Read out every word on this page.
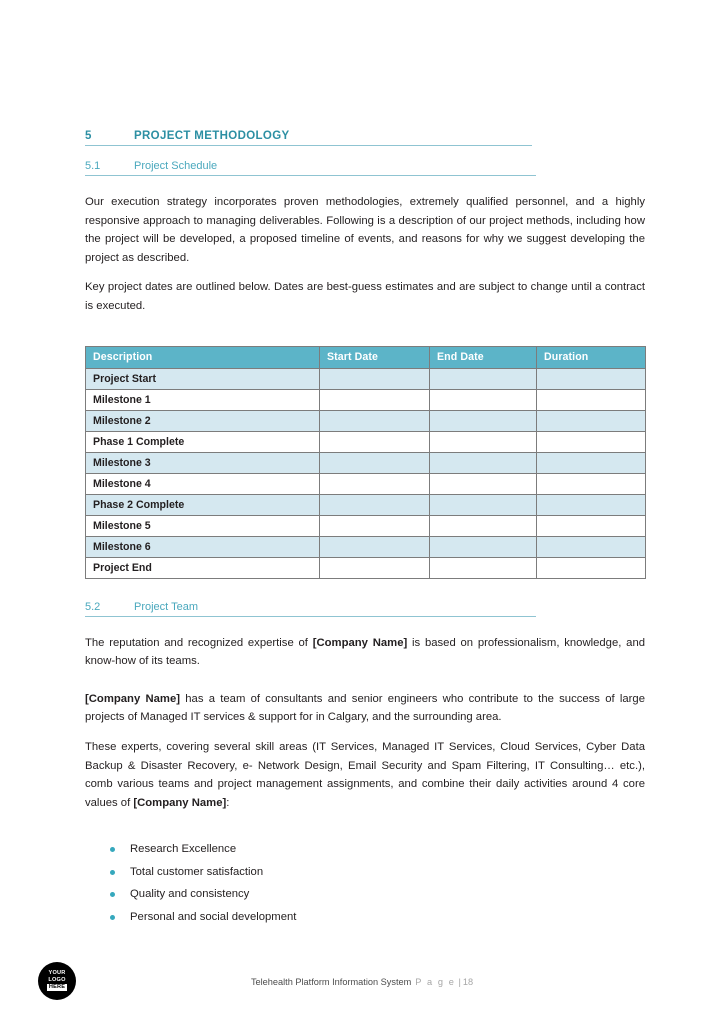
5	PROJECT METHODOLOGY
5.1	Project Schedule

Our execution strategy incorporates proven methodologies, extremely qualified personnel, and a highly responsive approach to managing deliverables. Following is a description of our project methods, including how the project will be developed, a proposed timeline of events, and reasons for why we suggest developing the project as described.

Key project dates are outlined below. Dates are best-guess estimates and are subject to change until a contract is executed.

Description	Start Date	End Date	Duration
Project Start			
Milestone 1			
Milestone 2			
Phase 1 Complete			
Milestone 3			
Milestone 4			
Phase 2 Complete			
Milestone 5			
Milestone 6			
Project End			
5.2	Project Team

The reputation and recognized expertise of [Company Name] is based on professionalism, knowledge, and know-how of its teams.

[Company Name] has a team of consultants and senior engineers who contribute to the success of large projects of Managed IT services & support for in Calgary, and the surrounding area.

These experts, covering several skill areas (IT Services, Managed IT Services, Cloud Services, Cyber Data Backup & Disaster Recovery, e- Network Design, Email Security and Spam Filtering, IT Consulting… etc.), comb various teams and project management assignments, and combine their daily activities around 4 core values of [Company Name]:

Research Excellence
Total customer satisfaction
Quality and consistency
Personal and social development
YOUR
LOGO
HERE	Telehealth Platform Information System P a g e | 18
